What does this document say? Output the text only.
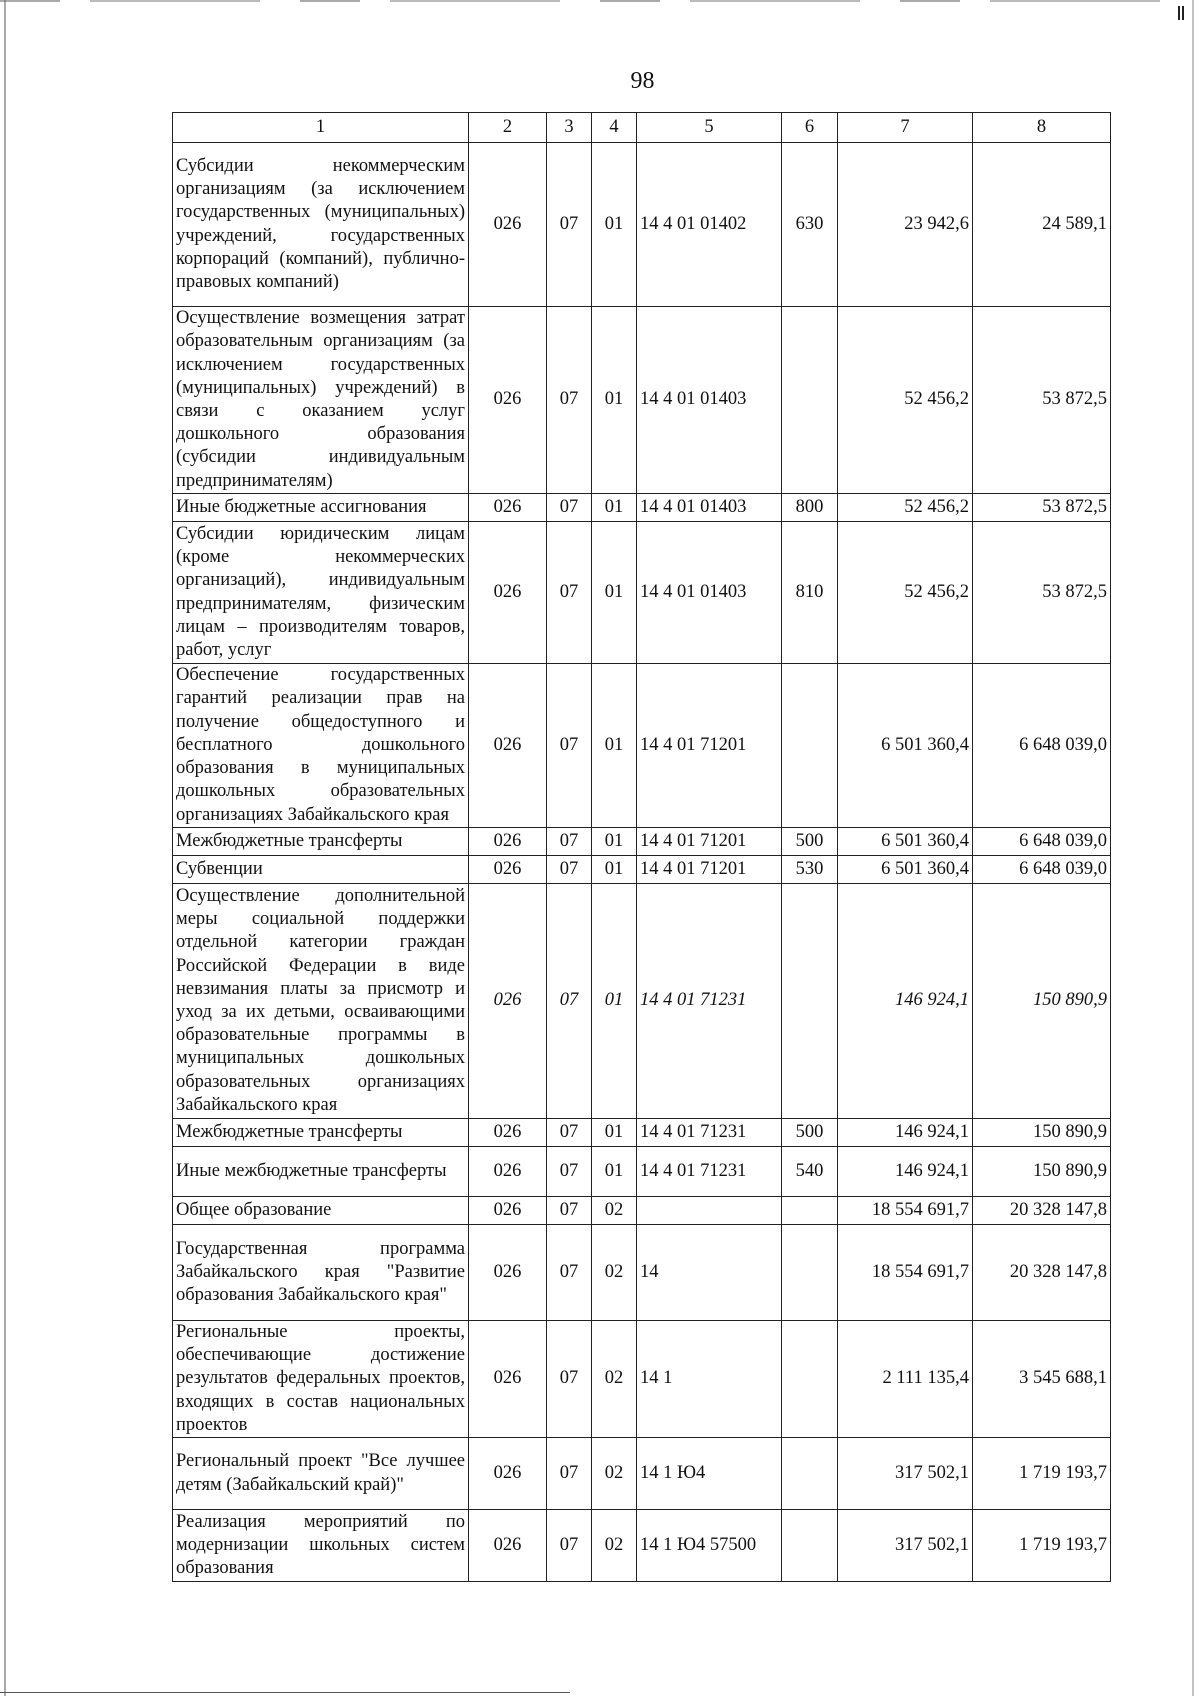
98
1	2	3	4	5	6	7	8
Субсидии некоммерческим организациям (за исключением государственных (муниципальных) учреждений, государственных корпораций (компаний), публично-правовых компаний)	026	07	01	14 4 01 01402	630	23 942,6	24 589,1
Осуществление возмещения затрат образовательным организациям (за исключением государственных (муниципальных) учреждений) в связи с оказанием услуг дошкольного образования (субсидии индивидуальным предпринимателям)	026	07	01	14 4 01 01403		52 456,2	53 872,5
Иные бюджетные ассигнования	026	07	01	14 4 01 01403	800	52 456,2	53 872,5
Субсидии юридическим лицам (кроме некоммерческих организаций), индивидуальным предпринимателям, физическим лицам – производителям товаров, работ, услуг	026	07	01	14 4 01 01403	810	52 456,2	53 872,5
Обеспечение государственных гарантий реализации прав на получение общедоступного и бесплатного дошкольного образования в муниципальных дошкольных образовательных организациях Забайкальского края	026	07	01	14 4 01 71201		6 501 360,4	6 648 039,0
Межбюджетные трансферты	026	07	01	14 4 01 71201	500	6 501 360,4	6 648 039,0
Субвенции	026	07	01	14 4 01 71201	530	6 501 360,4	6 648 039,0
Осуществление дополнительной меры социальной поддержки отдельной категории граждан Российской Федерации в виде невзимания платы за присмотр и уход за их детьми, осваивающими образовательные программы в муниципальных дошкольных образовательных организациях Забайкальского края	026	07	01	14 4 01 71231		146 924,1	150 890,9
Межбюджетные трансферты	026	07	01	14 4 01 71231	500	146 924,1	150 890,9
Иные межбюджетные трансферты	026	07	01	14 4 01 71231	540	146 924,1	150 890,9
Общее образование	026	07	02			18 554 691,7	20 328 147,8
Государственная программа Забайкальского края "Развитие образования Забайкальского края"	026	07	02	14		18 554 691,7	20 328 147,8
Региональные проекты, обеспечивающие достижение результатов федеральных проектов, входящих в состав национальных проектов	026	07	02	14 1		2 111 135,4	3 545 688,1
Региональный проект "Все лучшее детям (Забайкальский край)"	026	07	02	14 1 Ю4		317 502,1	1 719 193,7
Реализация мероприятий по модернизации школьных систем образования	026	07	02	14 1 Ю4 57500		317 502,1	1 719 193,7
